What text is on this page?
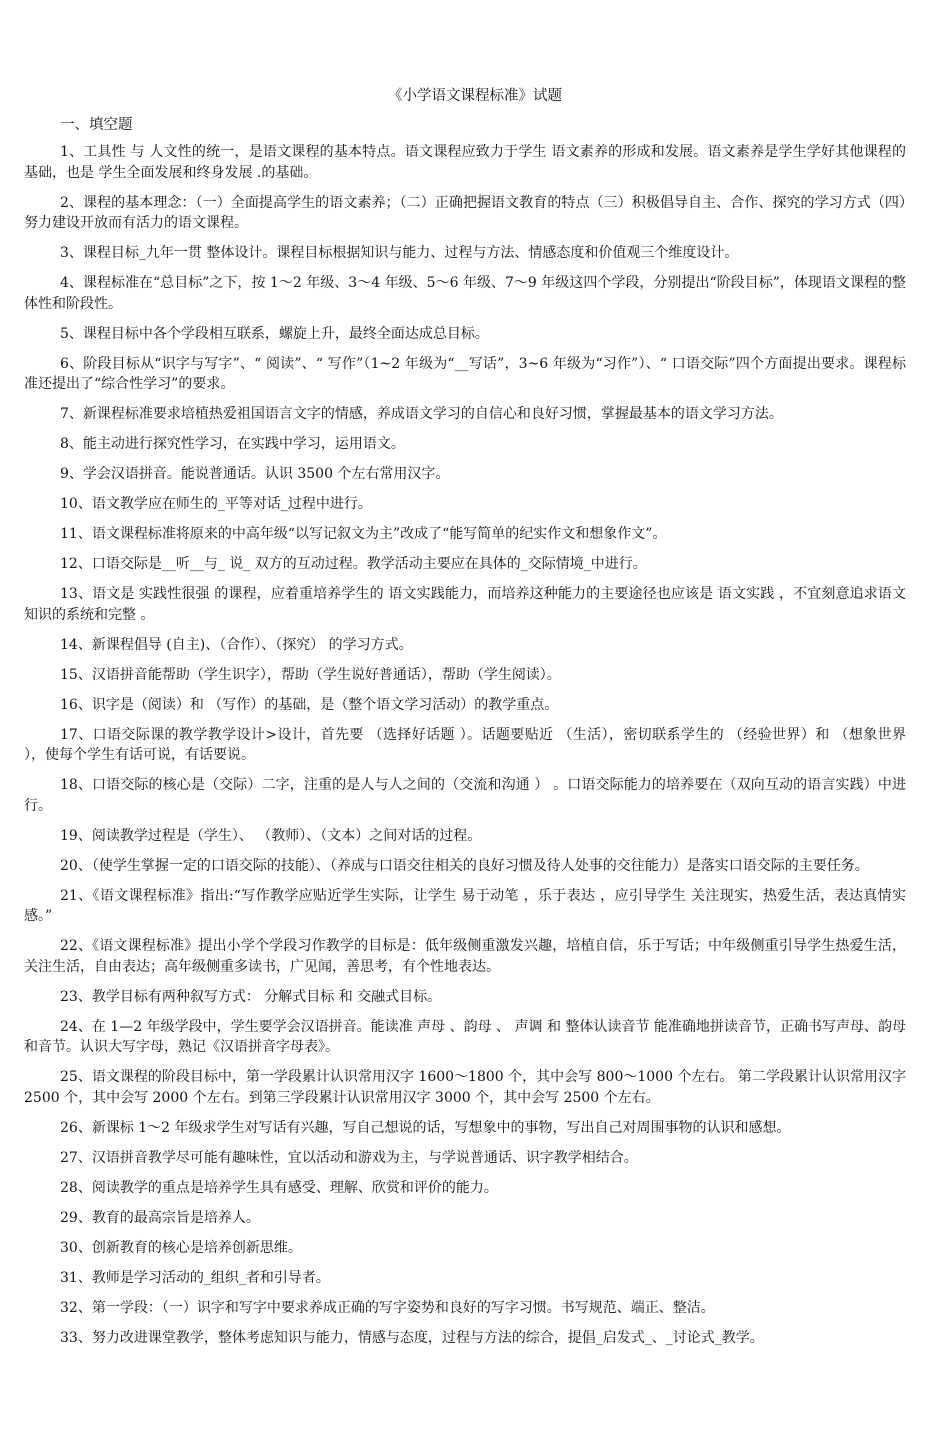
《小学语文课程标准》试题
一、填空题

1、工具性 与 人文性的统一，是语文课程的基本特点。语文课程应致力于学生 语文素养的形成和发展。语文素养是学生学好其他课程的基础，也是 学生全面发展和终身发展 .的基础。

2、课程的基本理念：（一）全面提高学生的语文素养；（二）正确把握语文教育的特点（三）积极倡导自主、合作、探究的学习方式（四）努力建设开放而有活力的语文课程。

3、课程目标_九年一贯 整体设计。课程目标根据知识与能力、过程与方法、情感态度和价值观三个维度设计。

4、课程标准在“总目标”之下，按 1～2 年级、3～4 年级、5～6 年级、7～9 年级这四个学段，分别提出“阶段目标”，体现语文课程的整体性和阶段性。

5、课程目标中各个学段相互联系，螺旋上升，最终全面达成总目标。

6、阶段目标从“识字与写字”、“ 阅读”、“ 写作”（1~2 年级为“__写话”，3~6 年级为“习作”）、“ 口语交际”四个方面提出要求。课程标准还提出了“综合性学习”的要求。

7、新课程标准要求培植热爱祖国语言文字的情感，养成语文学习的自信心和良好习惯，掌握最基本的语文学习方法。

8、能主动进行探究性学习，在实践中学习，运用语文。

9、学会汉语拼音。能说普通话。认识 3500 个左右常用汉字。

10、语文教学应在师生的_平等对话_过程中进行。

11、语文课程标准将原来的中高年级“以写记叙文为主”改成了“能写简单的纪实作文和想象作文”。

12、口语交际是__听__与_ 说_ 双方的互动过程。教学活动主要应在具体的_交际情境_中进行。

13、语文是 实践性很强 的课程，应着重培养学生的 语文实践能力，而培养这种能力的主要途径也应该是 语文实践 ，不宜刻意追求语文知识的系统和完整 。

14、新课程倡导 (自主)、（合作）、（探究） 的学习方式。

15、汉语拼音能帮助（学生识字），帮助（学生说好普通话），帮助（学生阅读）。

16、识字是（阅读）和 （写作）的基础，是（整个语文学习活动）的教学重点。

17、口语交际课的教学教学设计>设计，首先要 （选择好话题 ）。话题要贴近 （生活），密切联系学生的 （经验世界）和 （想象世界 ），使每个学生有话可说，有话要说。

18、口语交际的核心是（交际）二字，注重的是人与人之间的（交流和沟通 ） 。口语交际能力的培养要在（双向互动的语言实践）中进行。

19、阅读教学过程是（学生）、 （教师）、（文本）之间对话的过程。

20、（使学生掌握一定的口语交际的技能）、（养成与口语交往相关的良好习惯及待人处事的交往能力）是落实口语交际的主要任务。

21、《语文课程标准》指出:“写作教学应贴近学生实际，让学生 易于动笔 ，乐于表达 ，应引导学生 关注现实，热爱生活，表达真情实感。”

22、《语文课程标准》提出小学个学段习作教学的目标是：低年级侧重激发兴趣，培植自信，乐于写话；中年级侧重引导学生热爱生活，关注生活，自由表达；高年级侧重多读书，广见闻，善思考，有个性地表达。

23、教学目标有两种叙写方式： 分解式目标 和 交融式目标。

24、在 1—2 年级学段中，学生要学会汉语拼音。能读准 声母 、韵母 、 声调 和 整体认读音节 能准确地拼读音节，正确书写声母、韵母和音节。认识大写字母，熟记《汉语拼音字母表》。

25、语文课程的阶段目标中，第一学段累计认识常用汉字 1600～1800 个，其中会写 800～1000 个左右。 第二学段累计认识常用汉字 2500 个，其中会写 2000 个左右。到第三学段累计认识常用汉字 3000 个，其中会写 2500 个左右。

26、新课标 1～2 年级求学生对写话有兴趣，写自己想说的话，写想象中的事物，写出自己对周围事物的认识和感想。

27、汉语拼音教学尽可能有趣味性，宜以活动和游戏为主，与学说普通话、识字教学相结合。

28、阅读教学的重点是培养学生具有感受、理解、欣赏和评价的能力。

29、教育的最高宗旨是培养人。

30、创新教育的核心是培养创新思维。

31、教师是学习活动的_组织_者和引导者。

32、第一学段：（一）识字和写字中要求养成正确的写字姿势和良好的写字习惯。书写规范、端正、整洁。

33、努力改进课堂教学，整体考虑知识与能力，情感与态度，过程与方法的综合，提倡_启发式_、_讨论式_教学。
